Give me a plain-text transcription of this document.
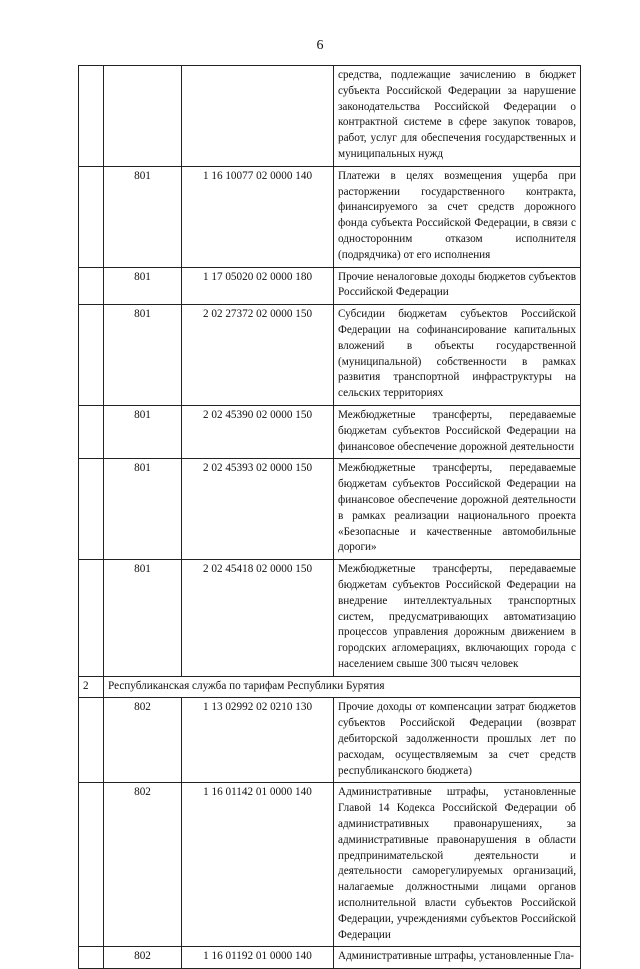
6
			средства, подлежащие зачислению в бюджет субъекта Российской Федерации за нарушение законодательства Российской Федерации о контрактной системе в сфере закупок товаров, работ, услуг для обеспечения государственных и муниципальных нужд
	801	1 16 10077 02 0000 140	Платежи в целях возмещения ущерба при расторжении государственного контракта, финансируемого за счет средств дорожного фонда субъекта Российской Федерации, в связи с односторонним отказом исполнителя (подрядчика) от его исполнения
	801	1 17 05020 02 0000 180	Прочие неналоговые доходы бюджетов субъектов Российской Федерации
	801	2 02 27372 02 0000 150	Субсидии бюджетам субъектов Российской Федерации на софинансирование капитальных вложений в объекты государственной (муниципальной) собственности в рамках развития транспортной инфраструктуры на сельских территориях
	801	2 02 45390 02 0000 150	Межбюджетные трансферты, передаваемые бюджетам субъектов Российской Федерации на финансовое обеспечение дорожной деятельности
	801	2 02 45393 02 0000 150	Межбюджетные трансферты, передаваемые бюджетам субъектов Российской Федерации на финансовое обеспечение дорожной деятельности в рамках реализации национального проекта «Безопасные и качественные автомобильные дороги»
	801	2 02 45418 02 0000 150	Межбюджетные трансферты, передаваемые бюджетам субъектов Российской Федерации на внедрение интеллектуальных транспортных систем, предусматривающих автоматизацию процессов управления дорожным движением в городских агломерациях, включающих города с населением свыше 300 тысяч человек
2	Республиканская служба по тарифам Республики Бурятия		
	802	1 13 02992 02 0210 130	Прочие доходы от компенсации затрат бюджетов субъектов Российской Федерации (возврат дебиторской задолженности прошлых лет по расходам, осуществляемым за счет средств республиканского бюджета)
	802	1 16 01142 01 0000 140	Административные штрафы, установленные Главой 14 Кодекса Российской Федерации об административных правонарушениях, за административные правонарушения в области предпринимательской деятельности и деятельности саморегулируемых организаций, налагаемые должностными лицами органов исполнительной власти субъектов Российской Федерации, учреждениями субъектов Российской Федерации
	802	1 16 01192 01 0000 140	Административные штрафы, установленные Гла-
